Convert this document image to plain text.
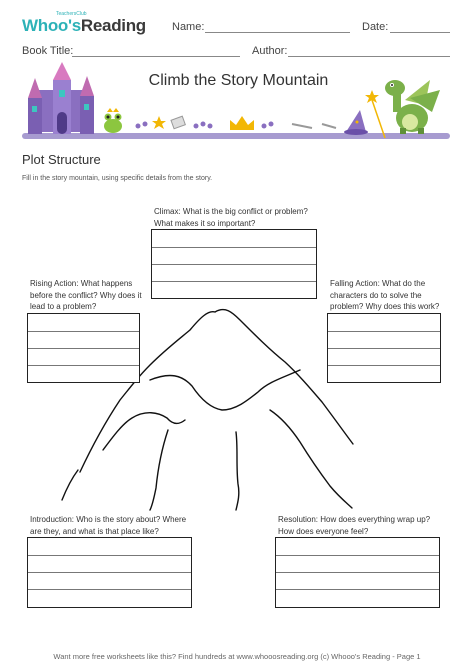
TeachersClub
Whoo's Reading Name:	Date:
Book Title:	Author:
Climb the Story Mountain
Plot Structure
Fill in the story mountain, using specific details from the story.
Climax: What is the big conflict or problem?
What makes it so important?
Rising Action: What happens
before the conflict? Why does it
lead to a problem?
Falling Action: What do the
characters do to solve the
problem? Why does this work?
Introduction: Who is the story about? Where
are they, and what is that place like?
Resolution: How does everything wrap up?
How does everyone feel?
Want more free worksheets like this? Find hundreds at www.whooosreading.org (c) Whooo's Reading - Page 1
